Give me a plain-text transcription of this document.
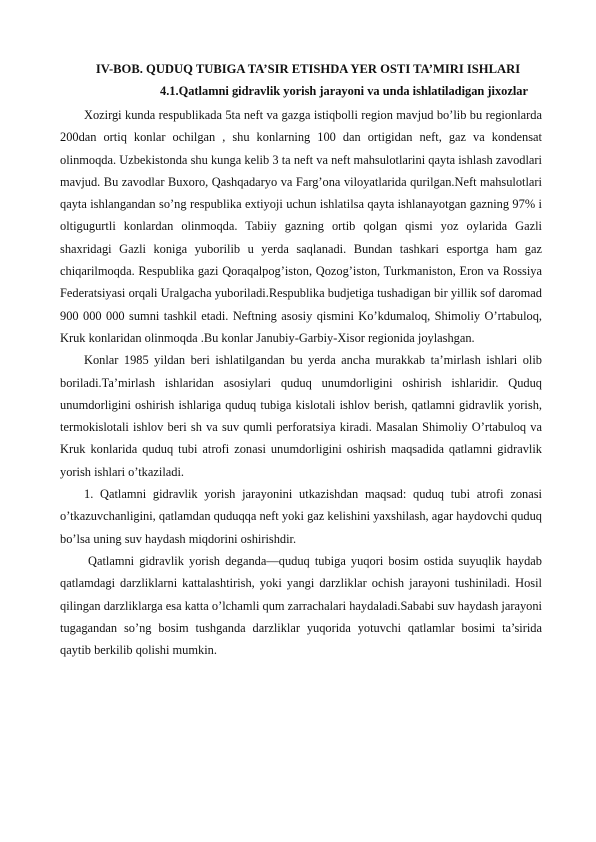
IV-BOB. QUDUQ TUBIGA TA’SIR ETISHDA YER OSTI TA’MIRI ISHLARI
4.1.Qatlamni gidravlik yorish jarayoni va unda ishlatiladigan jixozlar

Xozirgi kunda respublikada 5ta neft va gazga istiqbolli region mavjud bo’lib bu regionlarda 200dan ortiq konlar ochilgan , shu konlarning 100 dan ortigidan neft, gaz va kondensat olinmoqda. Uzbekistonda shu kunga kelib 3 ta neft va neft mahsulotlarini qayta ishlash zavodlari mavjud. Bu zavodlar Buxoro, Qashqadaryo va Farg’ona viloyatlarida qurilgan.Neft mahsulotlari qayta ishlangandan so’ng respublika extiyoji uchun ishlatilsa qayta ishlanayotgan gazning 97% i oltigugurtli konlardan olinmoqda. Tabiiy gazning ortib qolgan qismi yoz oylarida Gazli shaxridagi Gazli koniga yuborilib u yerda saqlanadi. Bundan tashkari esportga ham gaz chiqarilmoqda. Respublika gazi Qoraqalpog’iston, Qozog’iston, Turkmaniston, Eron va Rossiya Federatsiyasi orqali Uralgacha yuboriladi.Respublika budjetiga tushadigan bir yillik sof daromad 900 000 000 sumni tashkil etadi. Neftning asosiy qismini Ko’kdumaloq, Shimoliy O’rtabuloq, Kruk konlaridan olinmoqda .Bu konlar Janubiy-Garbiy-Xisor regionida joylashgan.

Konlar 1985 yildan beri ishlatilgandan bu yerda ancha murakkab ta’mirlash ishlari olib boriladi.Ta’mirlash ishlaridan asosiylari quduq unumdorligini oshirish ishlaridir. Quduq unumdorligini oshirish ishlariga quduq tubiga kislotali ishlov berish, qatlamni gidravlik yorish, termokislotali ishlov beri sh va suv qumli perforatsiya kiradi. Masalan Shimoliy O’rtabuloq va Kruk konlarida quduq tubi atrofi zonasi unumdorligini oshirish maqsadida qatlamni gidravlik yorish ishlari o’tkaziladi.

1. Qatlamni gidravlik yorish jarayonini utkazishdan maqsad: quduq tubi atrofi zonasi o’tkazuvchanligini, qatlamdan quduqqa neft yoki gaz kelishini yaxshilash, agar haydovchi quduq bo’lsa uning suv haydash miqdorini oshirishdir.

Qatlamni gidravlik yorish deganda—quduq tubiga yuqori bosim ostida suyuqlik haydab qatlamdagi darzliklarni kattalashtirish, yoki yangi darzliklar ochish jarayoni tushiniladi. Hosil qilingan darzliklarga esa katta o’lchamli qum zarrachalari haydaladi.Sababi suv haydash jarayoni tugagandan so’ng bosim tushganda darzliklar yuqorida yotuvchi qatlamlar bosimi ta’sirida qaytib berkilib qolishi mumkin.
